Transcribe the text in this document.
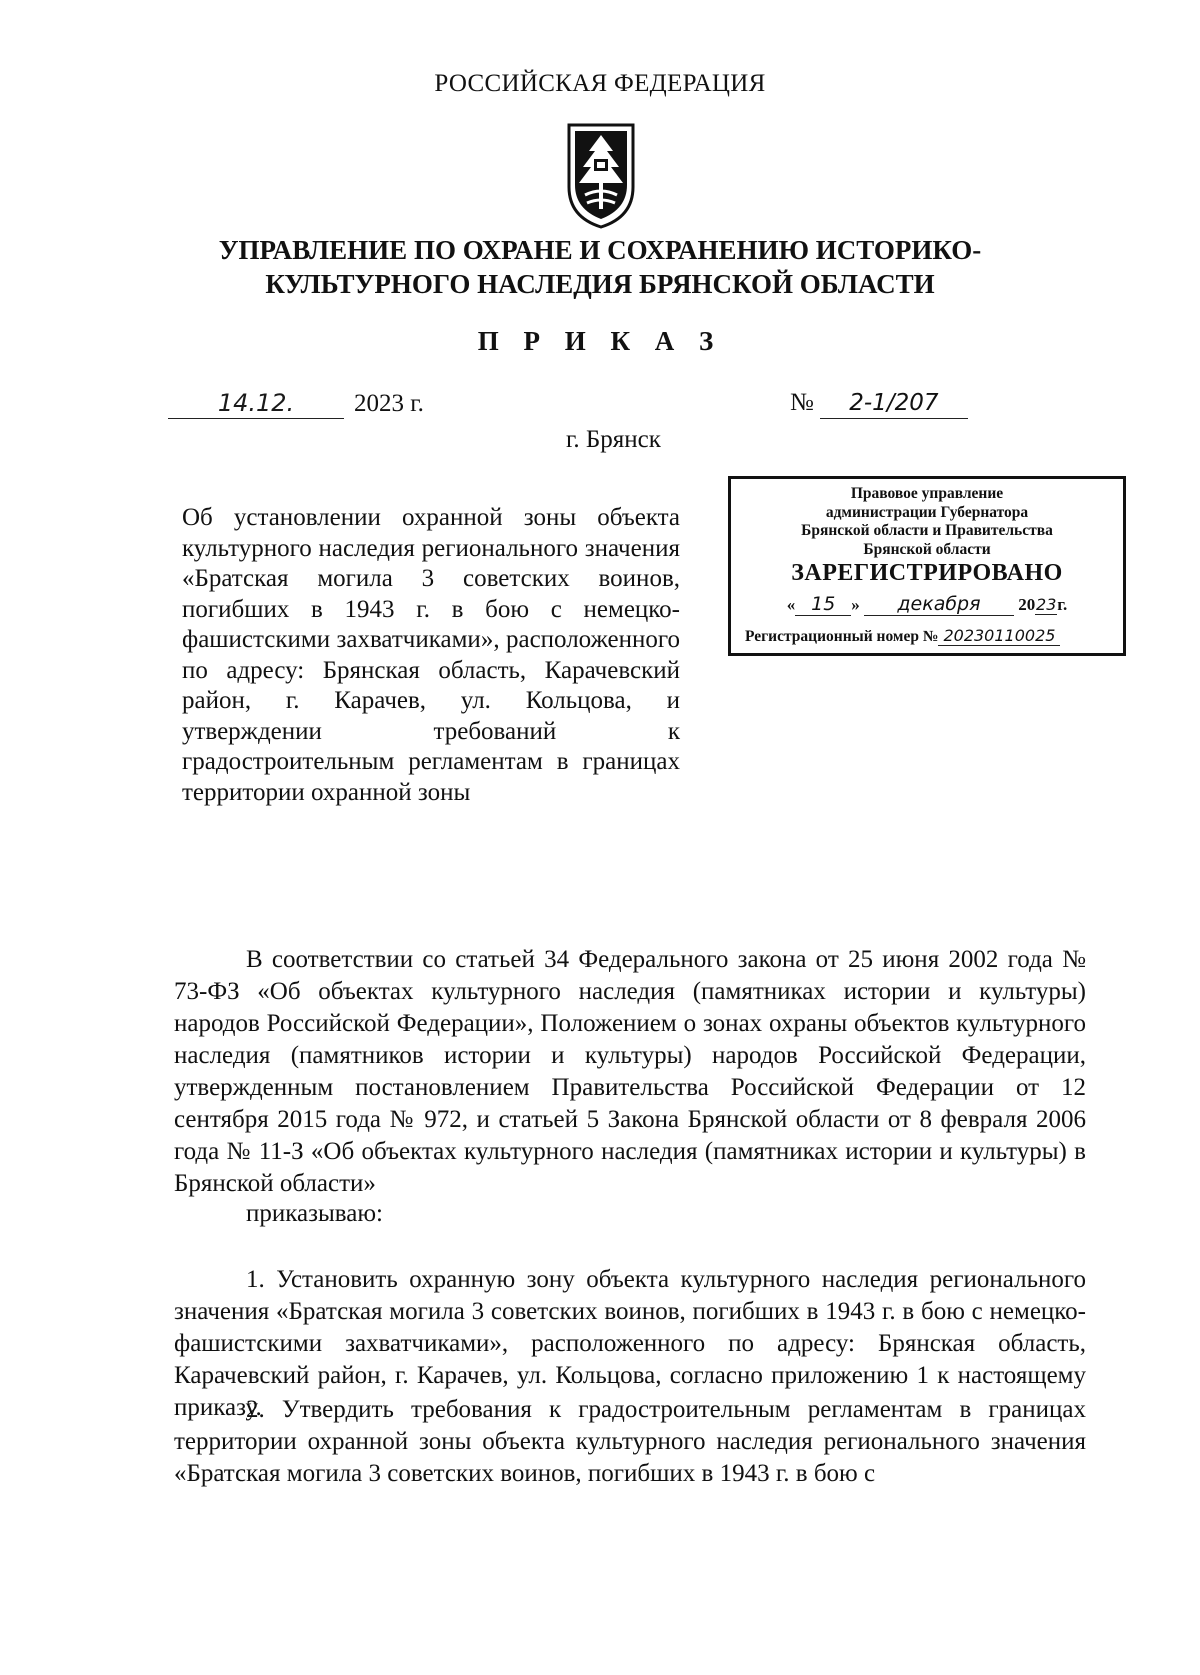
РОССИЙСКАЯ ФЕДЕРАЦИЯ
УПРАВЛЕНИЕ ПО ОХРАНЕ И СОХРАНЕНИЮ ИСТОРИКО-
КУЛЬТУРНОГО НАСЛЕДИЯ БРЯНСКОЙ ОБЛАСТИ
П Р И К А З
14.12. 2023 г.	№ 2-1/207
г. Брянск
Об установлении охранной зоны объекта культурного наследия регионального значения «Братская могила 3 советских воинов, погибших в 1943 г. в бою с немецко-фашистскими захватчиками», расположенного по адресу: Брянская область, Карачевский район, г. Карачев, ул. Кольцова, и утверждении требований к градостроительным регламентам в границах территории охранной зоны
Правовое управление
администрации Губернатора
Брянской области и Правительства
Брянской области
ЗАРЕГИСТРИРОВАНО
« 15 » декабря 2023г.
Регистрационный номер № 20230110025
В соответствии со статьей 34 Федерального закона от 25 июня 2002 года № 73-ФЗ «Об объектах культурного наследия (памятниках истории и культуры) народов Российской Федерации», Положением о зонах охраны объектов культурного наследия (памятников истории и культуры) народов Российской Федерации, утвержденным постановлением Правительства Российской Федерации от 12 сентября 2015 года № 972, и статьей 5 Закона Брянской области от 8 февраля 2006 года № 11-З «Об объектах культурного наследия (памятниках истории и культуры) в Брянской области»
приказываю:
1. Установить охранную зону объекта культурного наследия регионального значения «Братская могила 3 советских воинов, погибших в 1943 г. в бою с немецко-фашистскими захватчиками», расположенного по адресу: Брянская область, Карачевский район, г. Карачев, ул. Кольцова, согласно приложению 1 к настоящему приказу.
2. Утвердить требования к градостроительным регламентам в границах территории охранной зоны объекта культурного наследия регионального значения «Братская могила 3 советских воинов, погибших в 1943 г. в бою с
